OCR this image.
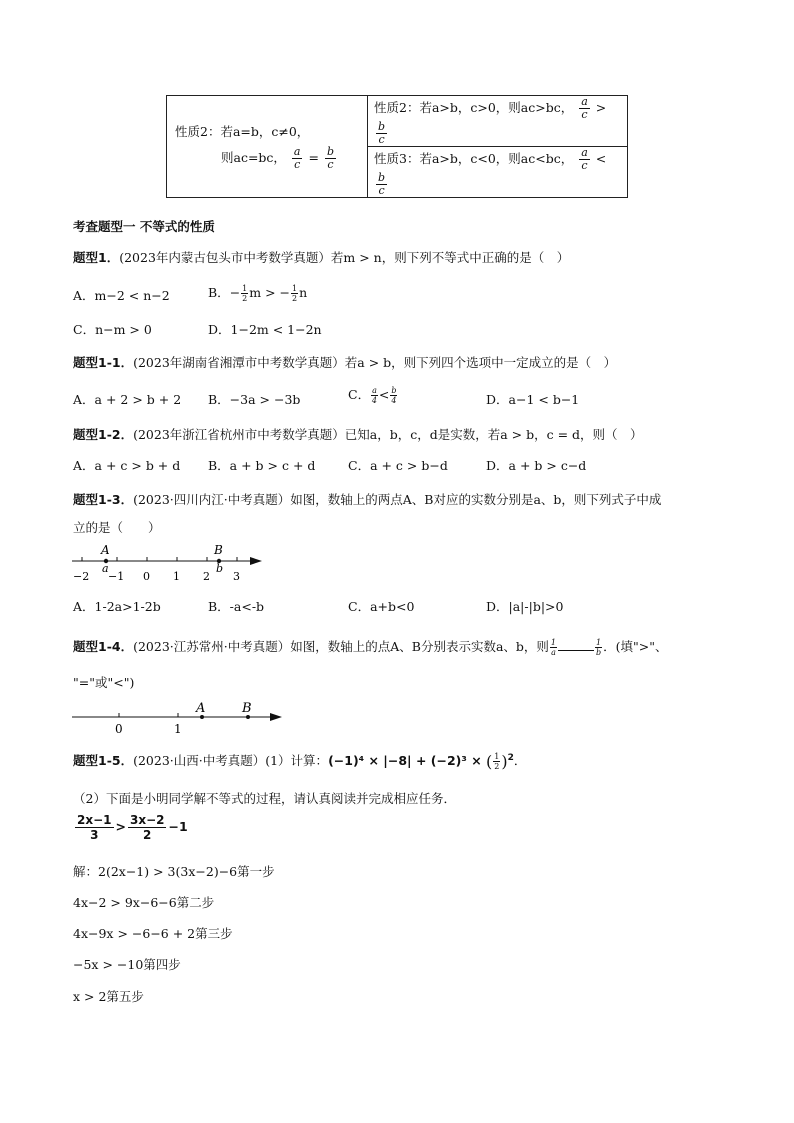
性质2：若a=b，c≠0，
则ac=bc， $\frac{a}{c} = \frac{b}{c}$
	性质2：若a>b，c>0，则ac>bc， $\frac{a}{c}$ >
$\frac{b}{c}$

性质3：若a>b，c<0，则ac<bc， $\frac{a}{c}$ <
$\frac{b}{c}$
考查题型一 不等式的性质
题型1．(2023年内蒙古包头市中考数学真题）若m > n，则下列不等式中正确的是（　）
A．m−2 < n−2	B．− $\frac{1}{2}$ m > − $\frac{1}{2}$ n
C．n−m > 0	D．1−2m < 1−2n
题型1-1．(2023年湖南省湘潭市中考数学真题）若a > b，则下列四个选项中一定成立的是（　）
A．a + 2 > b + 2 B．−3a > −3b	C． $\frac{a}{4} < \frac{b}{4}$	D．a−1 < b−1
题型1-2．(2023年浙江省杭州市中考数学真题）已知a，b，c，d是实数，若a > b，c = d，则（　）
A．a + c > b + d B．a + b > c + d	C．a + c > b−d	D．a + b > c−d
题型1-3．(2023·四川内江·中考真题）如图，数轴上的两点A、B对应的实数分别是a、b，则下列式子中成
立的是（　　）
A	B
a	b
−2 −1 0 1 2 3
A．1-2a>1-2b	B．-a<-b	C．a+b<0	D．|a|-|b|>0
题型1-4．(2023·江苏常州·中考真题）如图，数轴上的点A、B分别表示实数a、b，则 $\frac{1}{a}$	$\frac{1}{b}$ ．(填">"、
"="或"<")
A	B
0	1
题型1-5．(2023·山西·中考真题）(1）计算：(−1)⁴ × |−8| + (−2)³ × ( $\frac{1}{2} )^2$．
（2）下面是小明同学解不等式的过程，请认真阅读并完成相应任务．
$\frac{2x-1}{3} > \frac{3x-2}{2} -1$
解：2(2x−1) > 3(3x−2)−6第一步
4x−2 > 9x−6−6第二步
4x−9x > −6−6 + 2第三步
−5x > −10第四步
x > 2第五步
